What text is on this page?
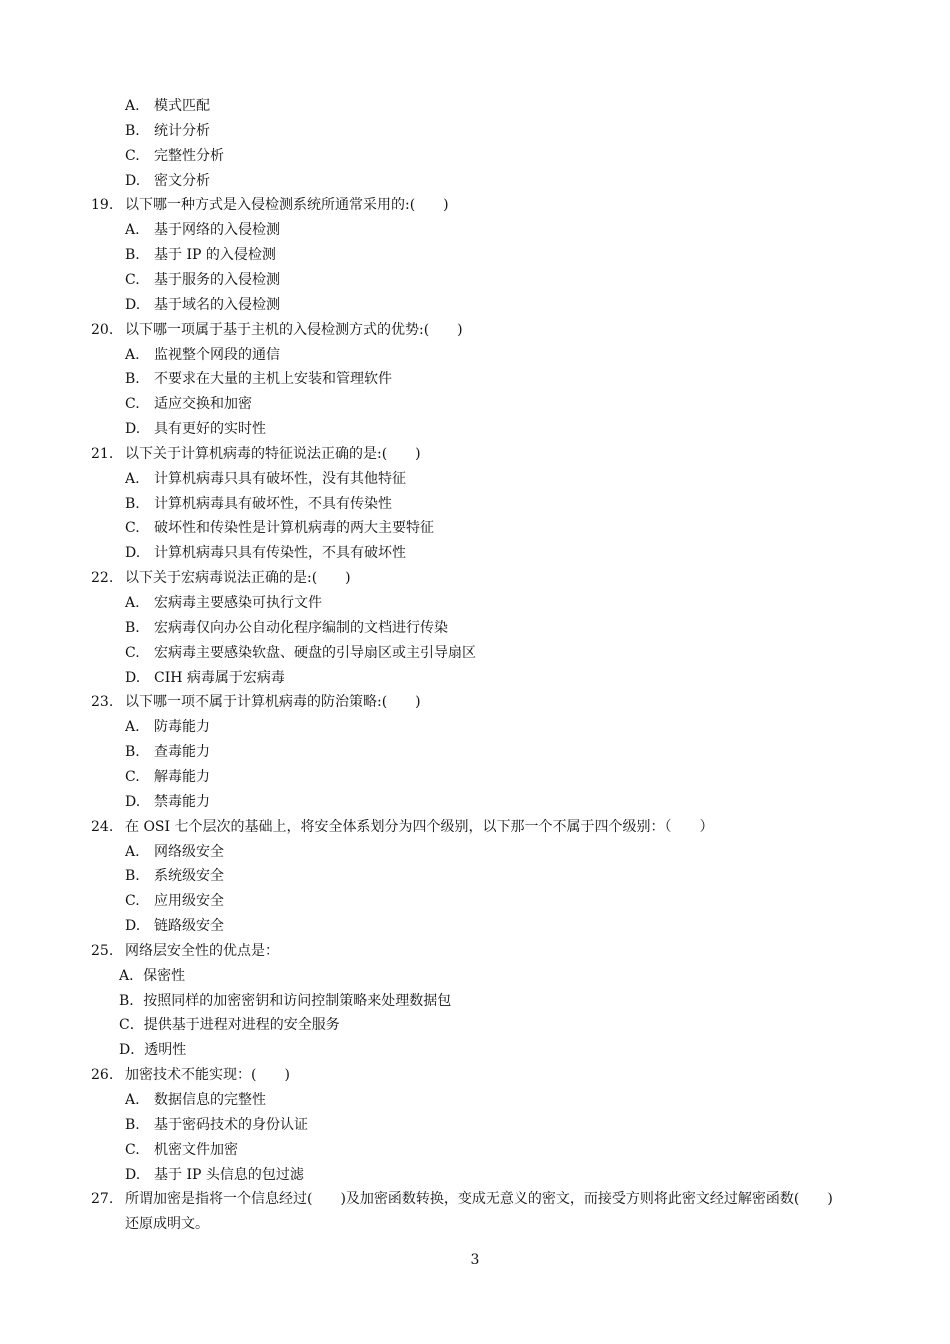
A. 模式匹配
B. 统计分析
C. 完整性分析
D. 密文分析
19. 以下哪一种方式是入侵检测系统所通常采用的:(　　)
A. 基于网络的入侵检测
B. 基于 IP 的入侵检测
C. 基于服务的入侵检测
D. 基于域名的入侵检测
20. 以下哪一项属于基于主机的入侵检测方式的优势:(　　)
A. 监视整个网段的通信
B. 不要求在大量的主机上安装和管理软件
C. 适应交换和加密
D. 具有更好的实时性
21. 以下关于计算机病毒的特征说法正确的是:(　　)
A. 计算机病毒只具有破坏性，没有其他特征
B. 计算机病毒具有破坏性，不具有传染性
C. 破坏性和传染性是计算机病毒的两大主要特征
D. 计算机病毒只具有传染性，不具有破坏性
22. 以下关于宏病毒说法正确的是:(　　)
A. 宏病毒主要感染可执行文件
B. 宏病毒仅向办公自动化程序编制的文档进行传染
C. 宏病毒主要感染软盘、硬盘的引导扇区或主引导扇区
D. CIH 病毒属于宏病毒
23. 以下哪一项不属于计算机病毒的防治策略:(　　)
A. 防毒能力
B. 查毒能力
C. 解毒能力
D. 禁毒能力
24. 在 OSI 七个层次的基础上，将安全体系划分为四个级别，以下那一个不属于四个级别：（　　）
A. 网络级安全
B. 系统级安全
C. 应用级安全
D. 链路级安全
25. 网络层安全性的优点是：
A．保密性
B．按照同样的加密密钥和访问控制策略来处理数据包
C．提供基于进程对进程的安全服务
D．透明性
26. 加密技术不能实现：(　　)
A. 数据信息的完整性
B. 基于密码技术的身份认证
C. 机密文件加密
D. 基于 IP 头信息的包过滤
27. 所谓加密是指将一个信息经过(　　)及加密函数转换，变成无意义的密文，而接受方则将此密文经过解密函数(　　)
还原成明文。
3
